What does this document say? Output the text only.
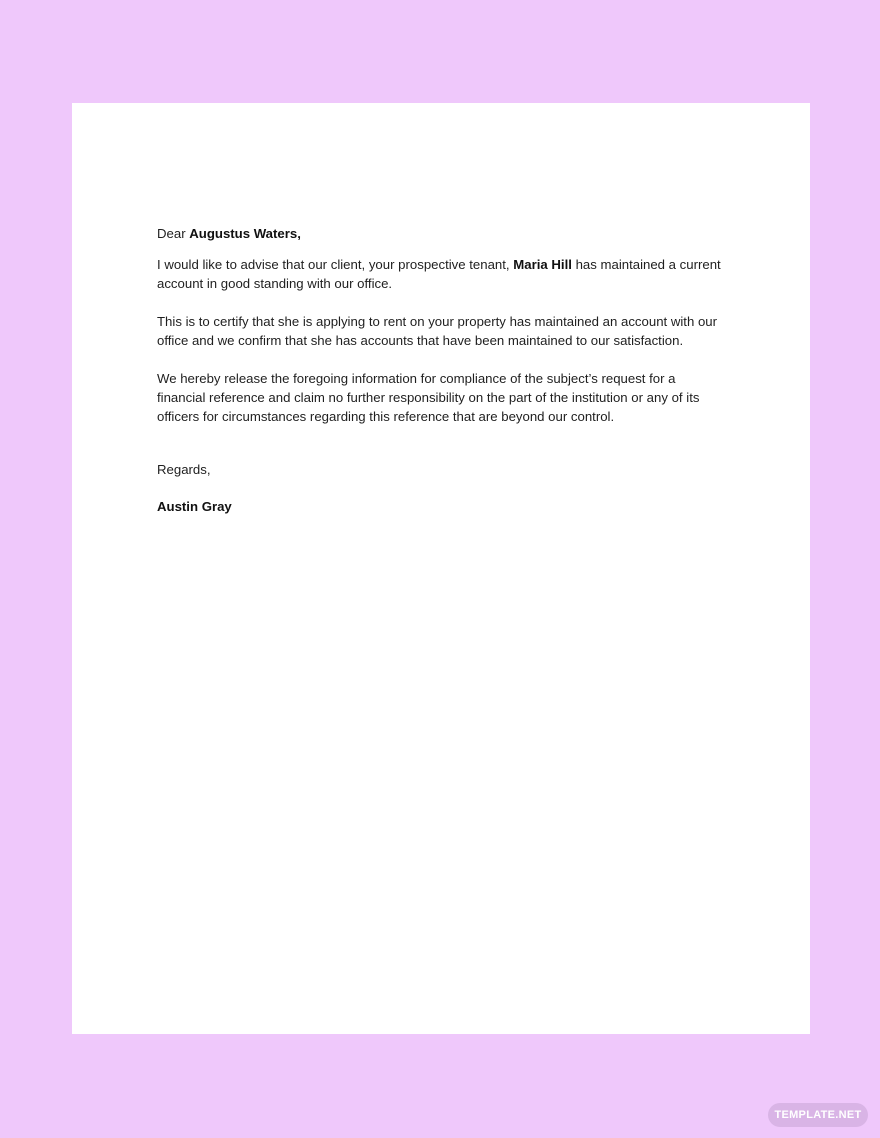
Dear Augustus Waters,

I would like to advise that our client, your prospective tenant, Maria Hill has maintained a current account in good standing with our office.

This is to certify that she is applying to rent on your property has maintained an account with our office and we confirm that she has accounts that have been maintained to our satisfaction.

We hereby release the foregoing information for compliance of the subject’s request for a financial reference and claim no further responsibility on the part of the institution or any of its officers for circumstances regarding this reference that are beyond our control.

Regards,

Austin Gray

TEMPLATE.NET
